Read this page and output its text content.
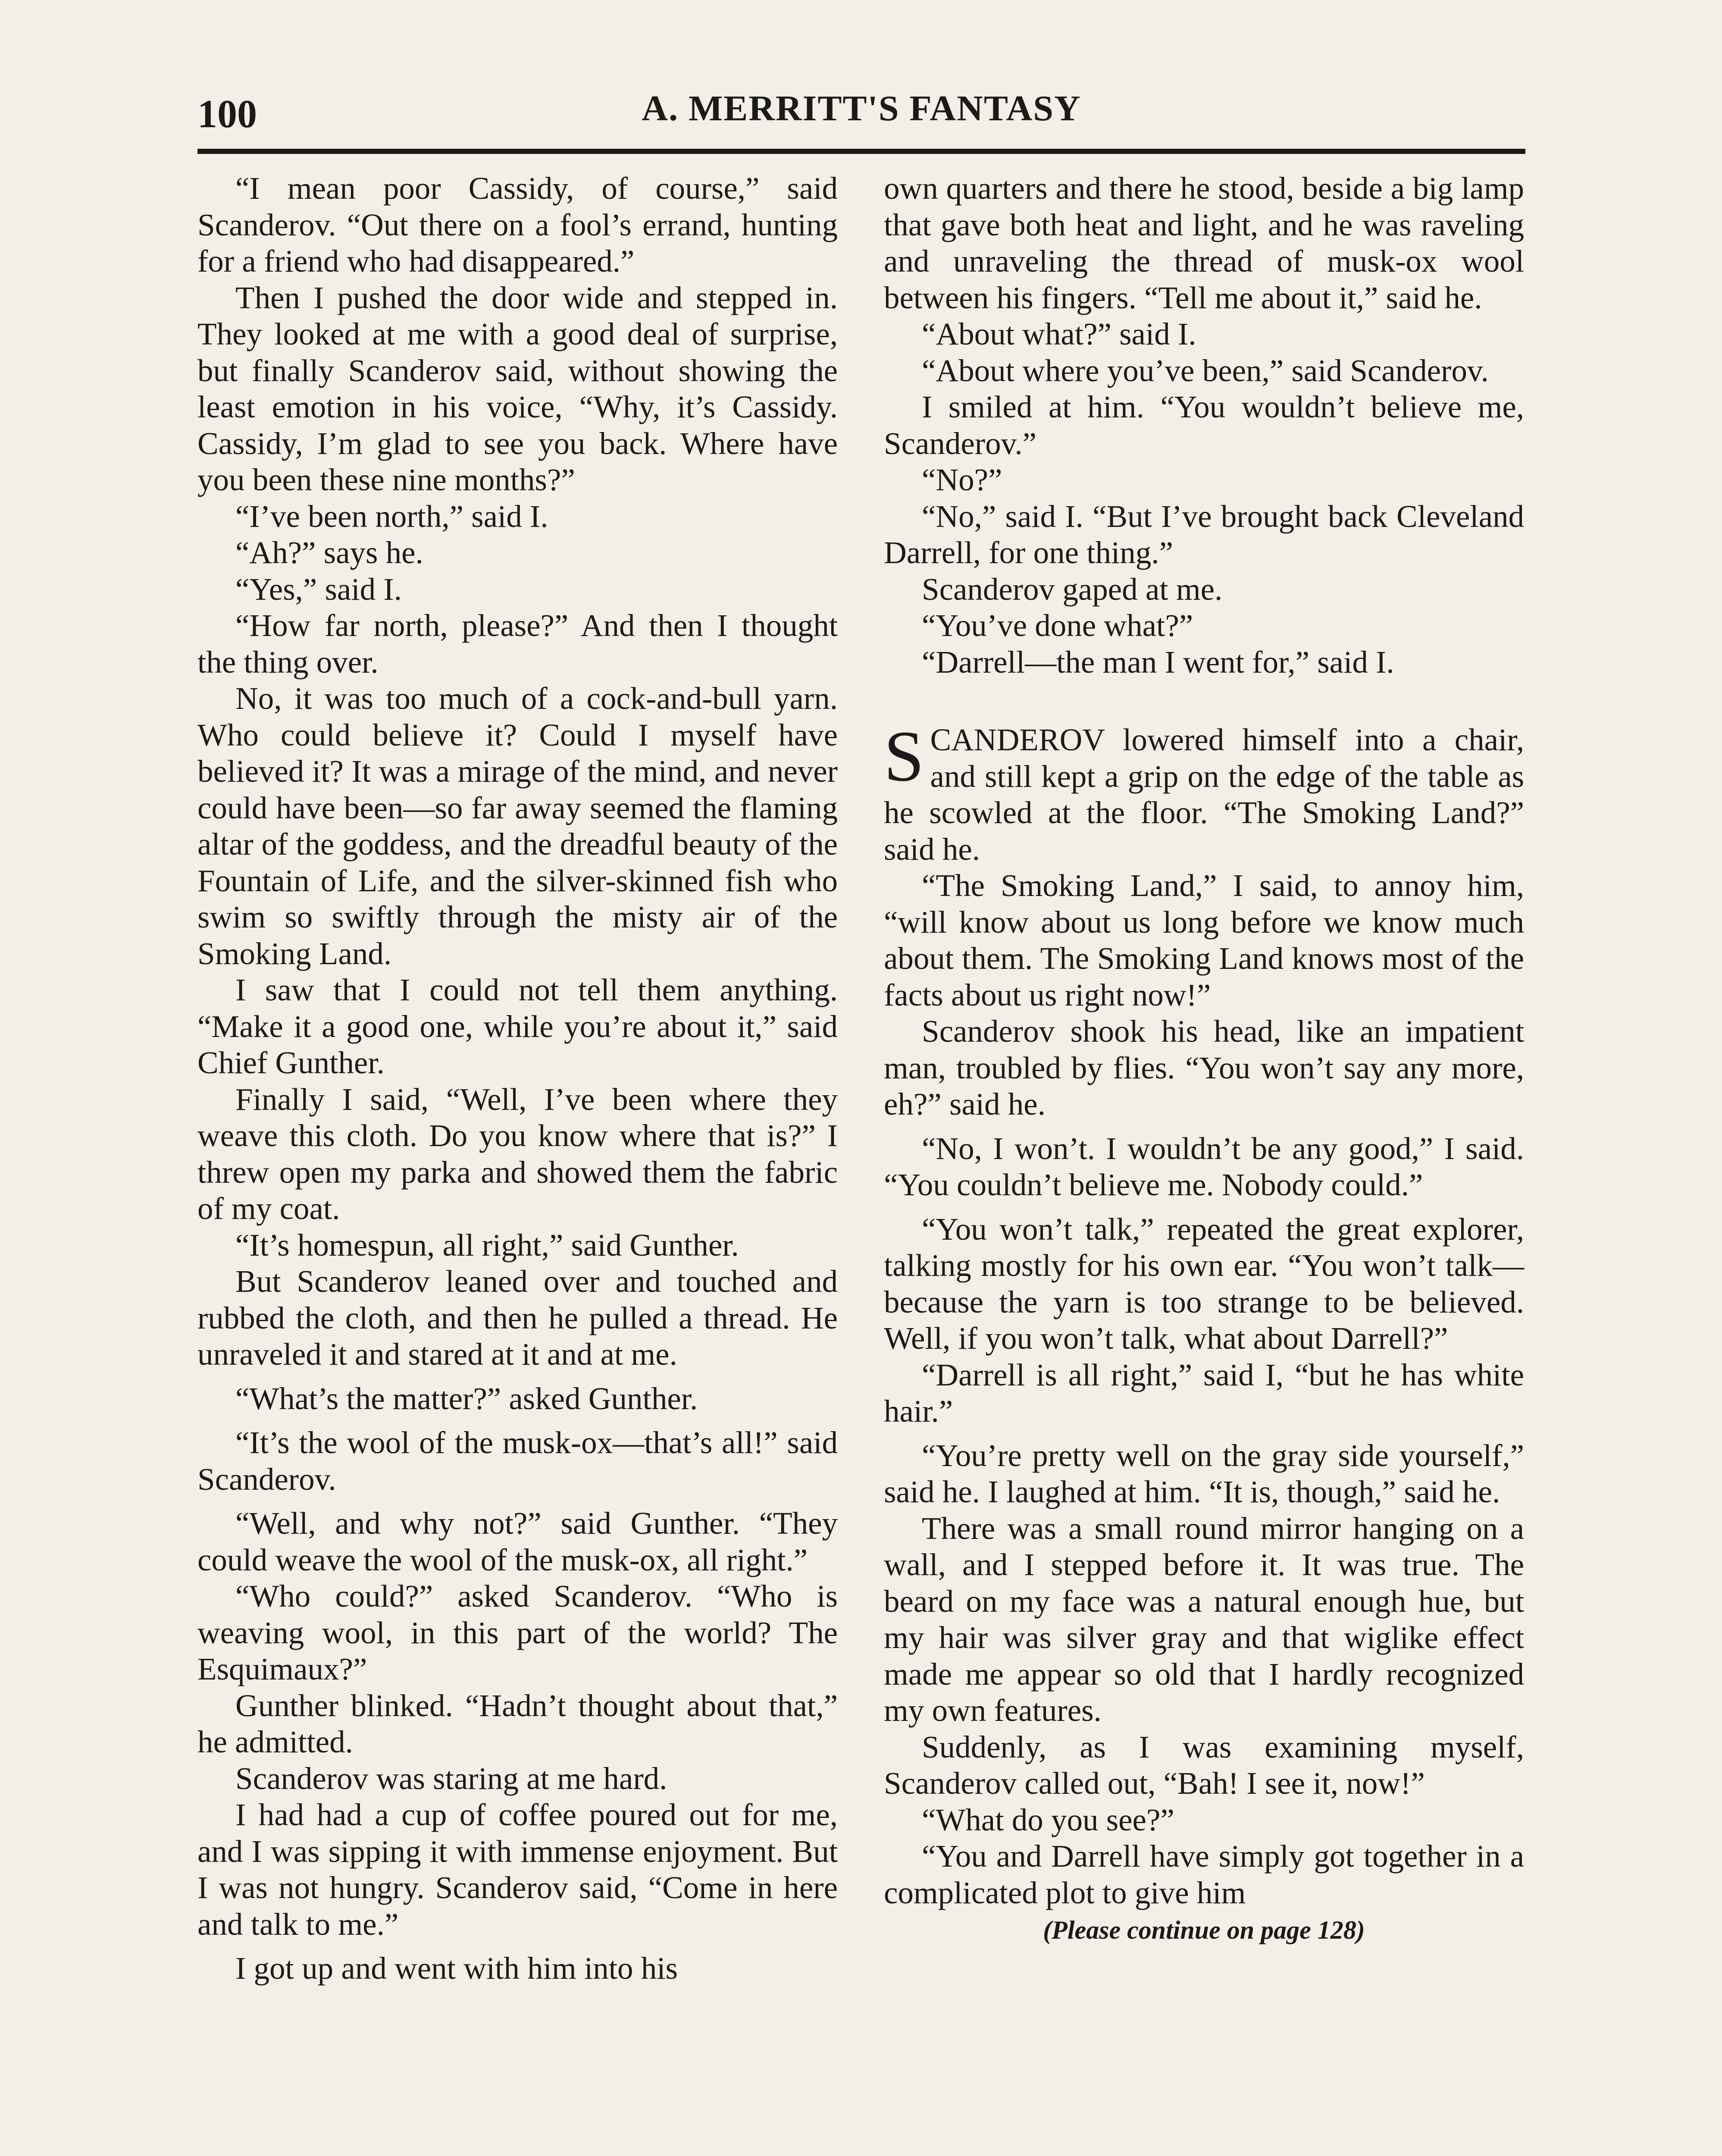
100	A. MERRITT'S FANTASY

“I mean poor Cassidy, of course,” said Scanderov. “Out there on a fool’s errand, hunting for a friend who had disappeared.”

Then I pushed the door wide and stepped in. They looked at me with a good deal of surprise, but finally Scanderov said, without showing the least emotion in his voice, “Why, it’s Cassidy. Cassidy, I’m glad to see you back. Where have you been these nine months?”

“I’ve been north,” said I.

“Ah?” says he.

“Yes,” said I.

“How far north, please?” And then I thought the thing over.

No, it was too much of a cock-and-bull yarn. Who could believe it? Could I myself have believed it? It was a mirage of the mind, and never could have been—so far away seemed the flaming altar of the goddess, and the dreadful beauty of the Fountain of Life, and the silver-skinned fish who swim so swiftly through the misty air of the Smoking Land.

I saw that I could not tell them anything. “Make it a good one, while you’re about it,” said Chief Gunther.

Finally I said, “Well, I’ve been where they weave this cloth. Do you know where that is?” I threw open my parka and showed them the fabric of my coat.

“It’s homespun, all right,” said Gunther.

But Scanderov leaned over and touched and rubbed the cloth, and then he pulled a thread. He unraveled it and stared at it and at me.

“What’s the matter?” asked Gunther.

“It’s the wool of the musk-ox—that’s all!” said Scanderov.

“Well, and why not?” said Gunther. “They could weave the wool of the musk-ox, all right.”

“Who could?” asked Scanderov. “Who is weaving wool, in this part of the world? The Esquimaux?”

Gunther blinked. “Hadn’t thought about that,” he admitted.

Scanderov was staring at me hard.

I had had a cup of coffee poured out for me, and I was sipping it with immense enjoyment. But I was not hungry. Scanderov said, “Come in here and talk to me.”

I got up and went with him into his

own quarters and there he stood, beside a big lamp that gave both heat and light, and he was raveling and unraveling the thread of musk-ox wool between his fingers. “Tell me about it,” said he.

“About what?” said I.

“About where you’ve been,” said Scanderov.

I smiled at him. “You wouldn’t believe me, Scanderov.”

“No?”

“No,” said I. “But I’ve brought back Cleveland Darrell, for one thing.”

Scanderov gaped at me.

“You’ve done what?”

“Darrell—the man I went for,” said I.

SCANDEROV lowered himself into a chair, and still kept a grip on the edge of the table as he scowled at the floor. “The Smoking Land?” said he.

“The Smoking Land,” I said, to annoy him, “will know about us long before we know much about them. The Smoking Land knows most of the facts about us right now!”

Scanderov shook his head, like an impatient man, troubled by flies. “You won’t say any more, eh?” said he.

“No, I won’t. I wouldn’t be any good,” I said. “You couldn’t believe me. Nobody could.”

“You won’t talk,” repeated the great explorer, talking mostly for his own ear. “You won’t talk—because the yarn is too strange to be believed. Well, if you won’t talk, what about Darrell?”

“Darrell is all right,” said I, “but he has white hair.”

“You’re pretty well on the gray side yourself,” said he. I laughed at him. “It is, though,” said he.

There was a small round mirror hanging on a wall, and I stepped before it. It was true. The beard on my face was a natural enough hue, but my hair was silver gray and that wiglike effect made me appear so old that I hardly recognized my own features.

Suddenly, as I was examining myself, Scanderov called out, “Bah! I see it, now!”

“What do you see?”

“You and Darrell have simply got together in a complicated plot to give him

(Please continue on page 128)
